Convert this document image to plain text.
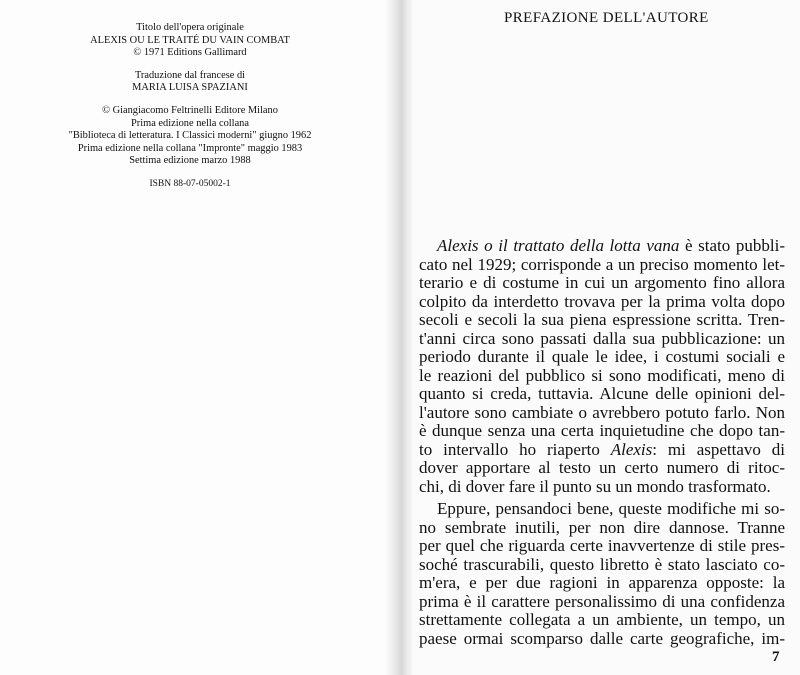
Titolo dell'opera originale
ALEXIS OU LE TRAITÉ DU VAIN COMBAT
© 1971 Editions Gallimard
Traduzione dal francese di
MARIA LUISA SPAZIANI
© Giangiacomo Feltrinelli Editore Milano
Prima edizione nella collana
"Biblioteca di letteratura. I Classici moderni" giugno 1962
Prima edizione nella collana "Impronte" maggio 1983
Settima edizione marzo 1988
ISBN 88-07-05002-1
PREFAZIONE DELL'AUTORE
Alexis o il trattato della lotta vana è stato pubbli-
cato nel 1929; corrisponde a un preciso momento let-
terario e di costume in cui un argomento fino allora
colpito da interdetto trovava per la prima volta dopo
secoli e secoli la sua piena espressione scritta. Tren-
t'anni circa sono passati dalla sua pubblicazione: un
periodo durante il quale le idee, i costumi sociali e
le reazioni del pubblico si sono modificati, meno di
quanto si creda, tuttavia. Alcune delle opinioni del-
l'autore sono cambiate o avrebbero potuto farlo. Non
è dunque senza una certa inquietudine che dopo tan-
to intervallo ho riaperto Alexis: mi aspettavo di
dover apportare al testo un certo numero di ritoc-
chi, di dover fare il punto su un mondo trasformato.
Eppure, pensandoci bene, queste modifiche mi so-
no sembrate inutili, per non dire dannose. Tranne
per quel che riguarda certe inavvertenze di stile pres-
soché trascurabili, questo libretto è stato lasciato co-
m'era, e per due ragioni in apparenza opposte: la
prima è il carattere personalissimo di una confidenza
strettamente collegata a un ambiente, un tempo, un
paese ormai scomparso dalle carte geografiche, im-
7
